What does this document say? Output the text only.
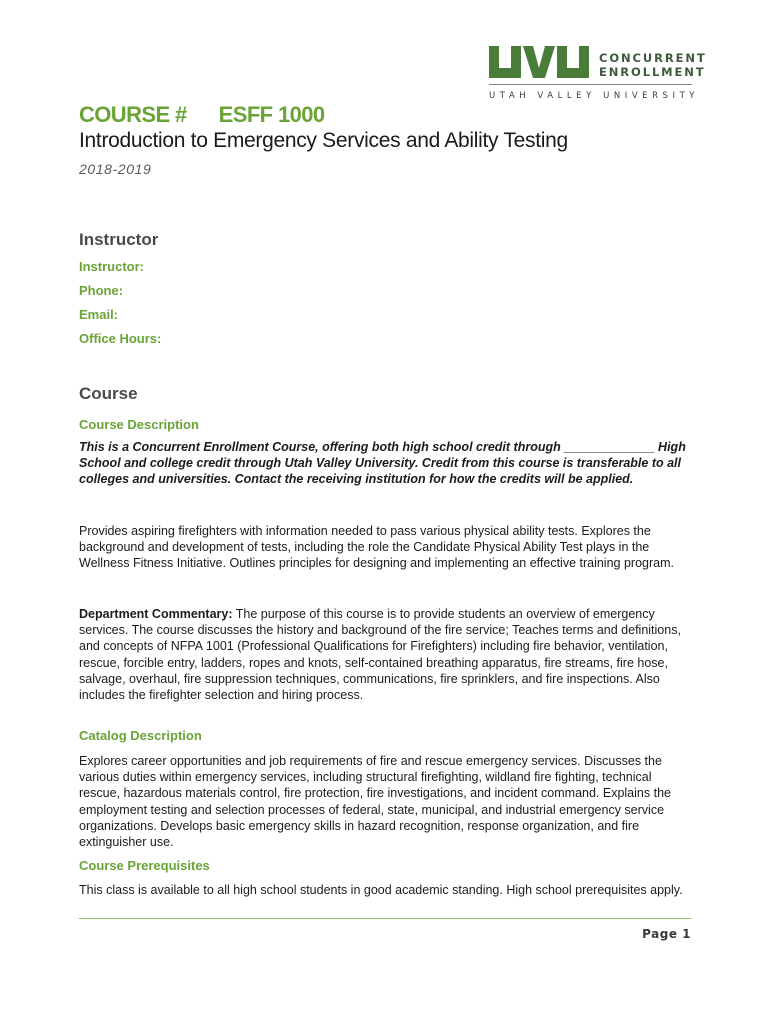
CONCURRENT
ENROLLMENT
UTAH VALLEY UNIVERSITY
COURSE # ESFF 1000
Introduction to Emergency Services and Ability Testing
2018-2019
Instructor
Instructor:
Phone:
Email:
Office Hours:
Course
Course Description
This is a Concurrent Enrollment Course, offering both high school credit through _____________ High School and college credit through Utah Valley University. Credit from this course is transferable to all colleges and universities. Contact the receiving institution for how the credits will be applied.
Provides aspiring firefighters with information needed to pass various physical ability tests. Explores the background and development of tests, including the role the Candidate Physical Ability Test plays in the Wellness Fitness Initiative. Outlines principles for designing and implementing an effective training program.
Department Commentary: The purpose of this course is to provide students an overview of emergency services. The course discusses the history and background of the fire service; Teaches terms and definitions, and concepts of NFPA 1001 (Professional Qualifications for Firefighters) including fire behavior, ventilation, rescue, forcible entry, ladders, ropes and knots, self-contained breathing apparatus, fire streams, fire hose, salvage, overhaul, fire suppression techniques, communications, fire sprinklers, and fire inspections. Also includes the firefighter selection and hiring process.
Catalog Description
Explores career opportunities and job requirements of fire and rescue emergency services. Discusses the various duties within emergency services, including structural firefighting, wildland fire fighting, technical rescue, hazardous materials control, fire protection, fire investigations, and incident command. Explains the employment testing and selection processes of federal, state, municipal, and industrial emergency service organizations. Develops basic emergency skills in hazard recognition, response organization, and fire extinguisher use.
Course Prerequisites
This class is available to all high school students in good academic standing. High school prerequisites apply.
Page 1
